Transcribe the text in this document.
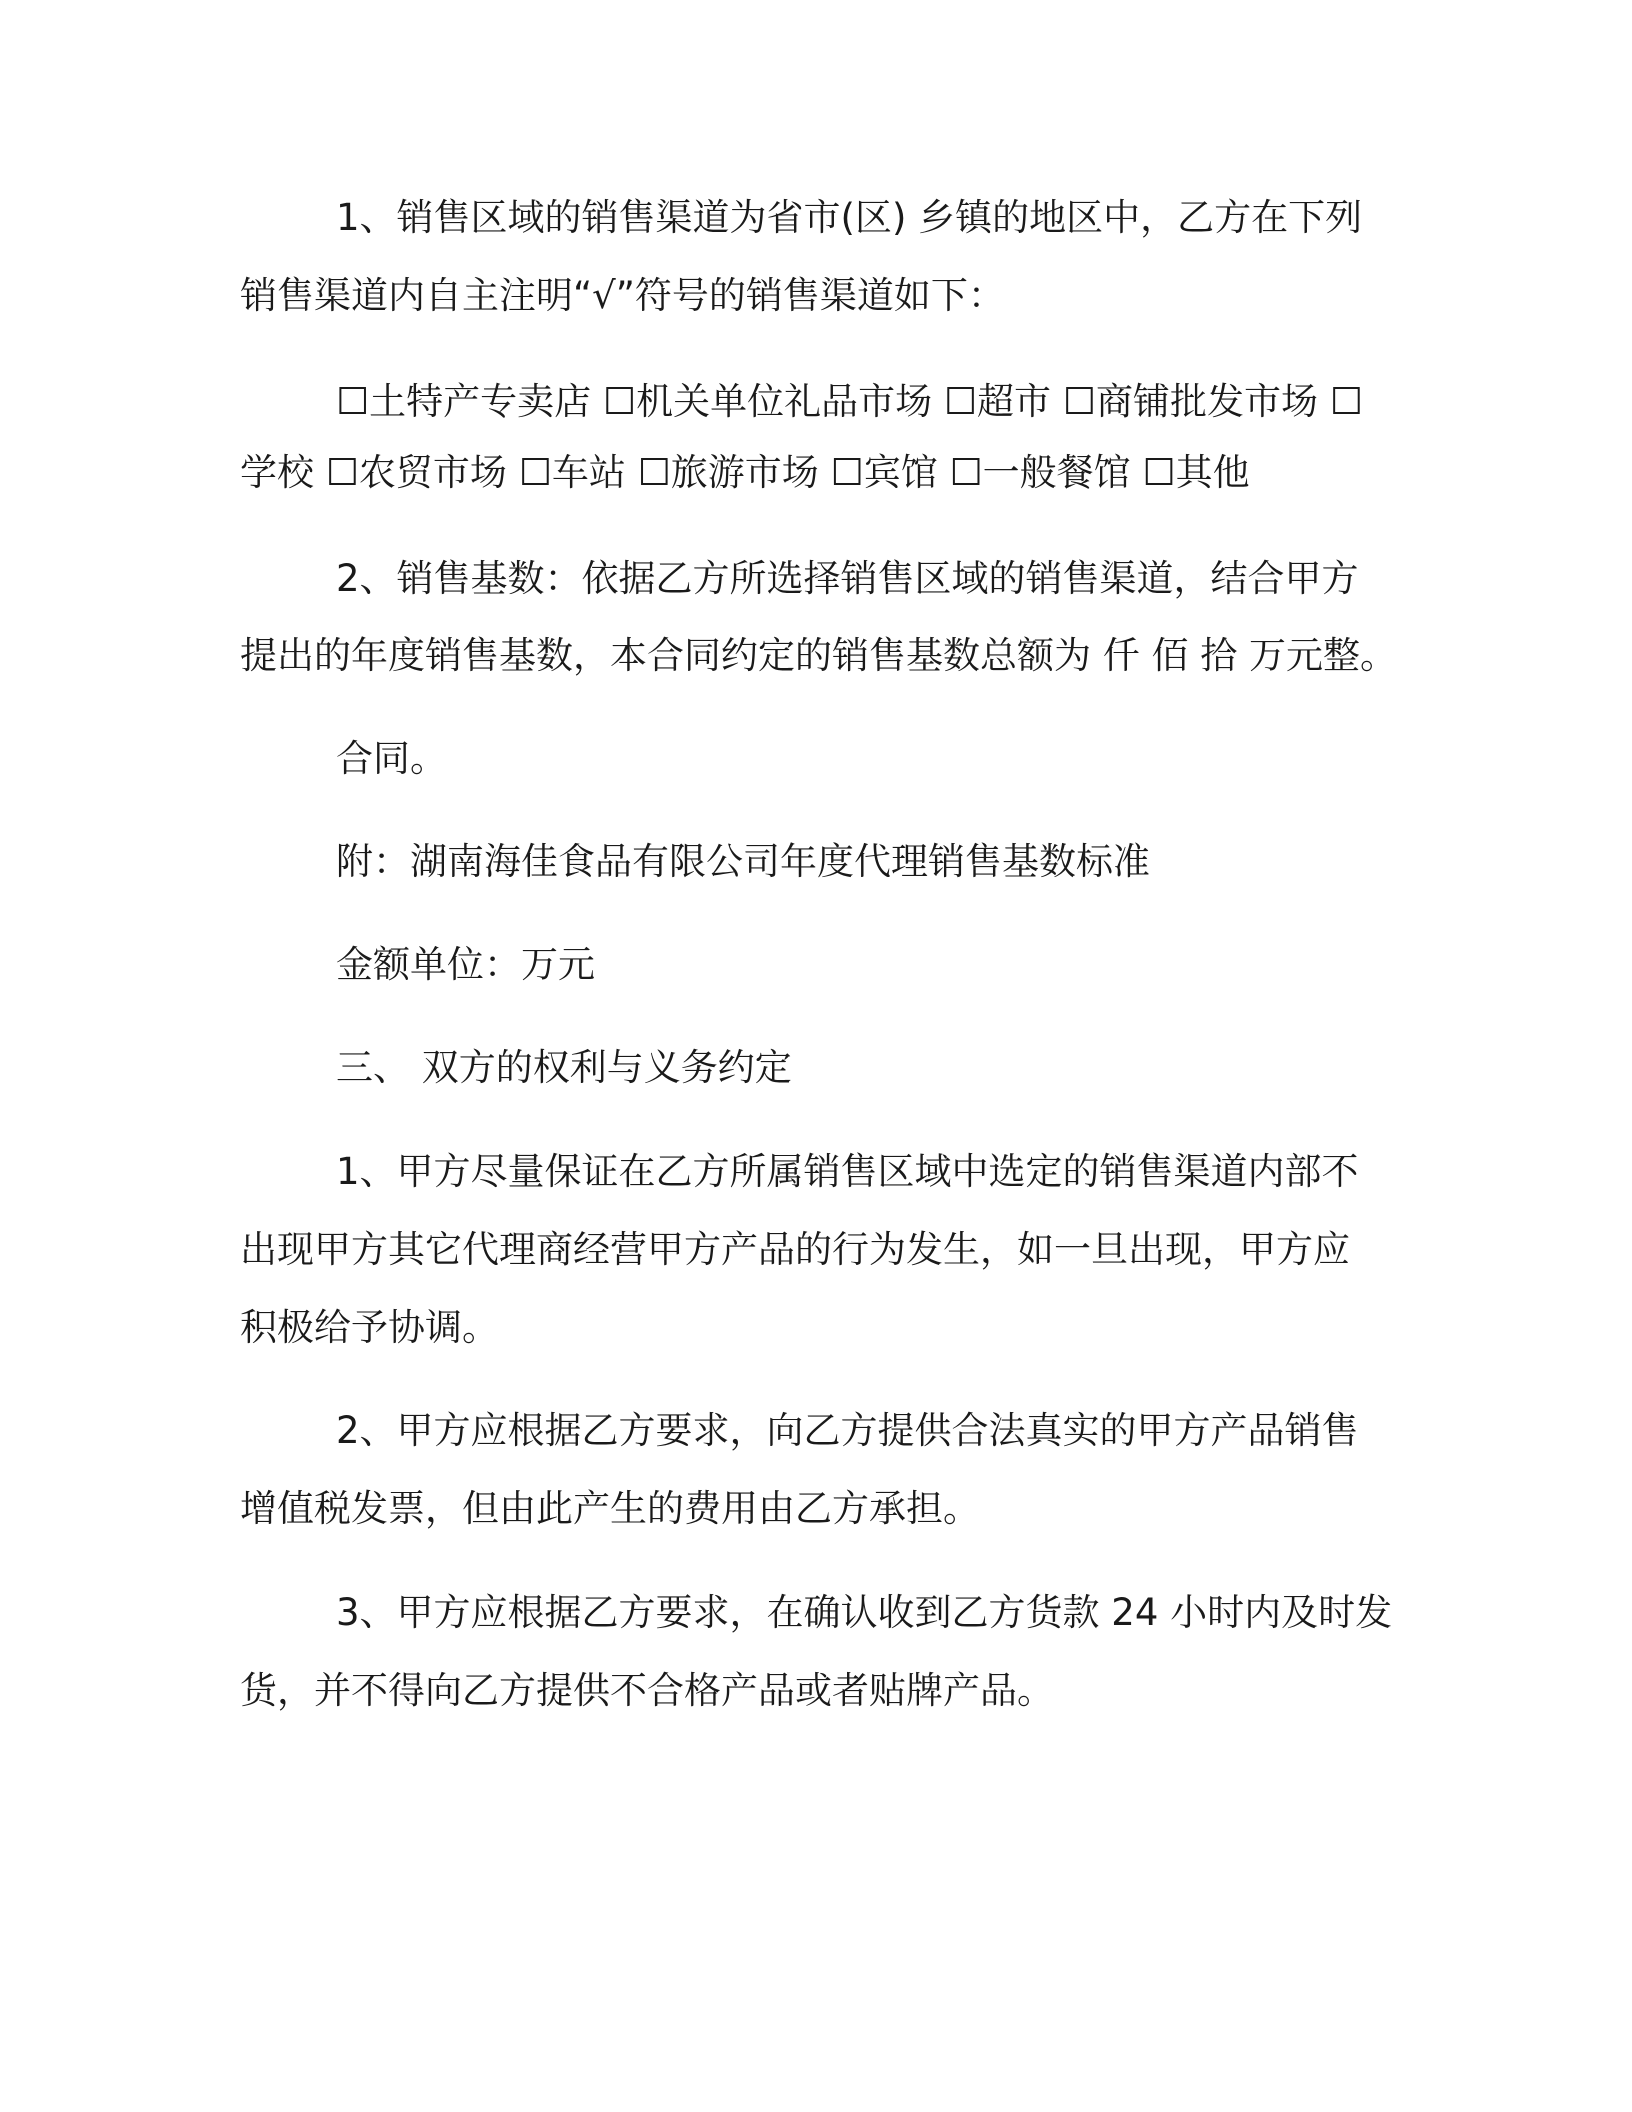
1、销售区域的销售渠道为省市(区) 乡镇的地区中，乙方在下列
销售渠道内自主注明“√”符号的销售渠道如下：
☐土特产专卖店 ☐机关单位礼品市场 ☐超市 ☐商铺批发市场 ☐
学校 ☐农贸市场 ☐车站 ☐旅游市场 ☐宾馆 ☐一般餐馆 ☐其他
2、销售基数：依据乙方所选择销售区域的销售渠道，结合甲方
提出的年度销售基数，本合同约定的销售基数总额为 仟 佰 拾 万元整。
合同。
附：湖南海佳食品有限公司年度代理销售基数标准
金额单位：万元
三、 双方的权利与义务约定
1、甲方尽量保证在乙方所属销售区域中选定的销售渠道内部不
出现甲方其它代理商经营甲方产品的行为发生，如一旦出现，甲方应
积极给予协调。
2、甲方应根据乙方要求，向乙方提供合法真实的甲方产品销售
增值税发票，但由此产生的费用由乙方承担。
3、甲方应根据乙方要求，在确认收到乙方货款 24 小时内及时发
货，并不得向乙方提供不合格产品或者贴牌产品。
